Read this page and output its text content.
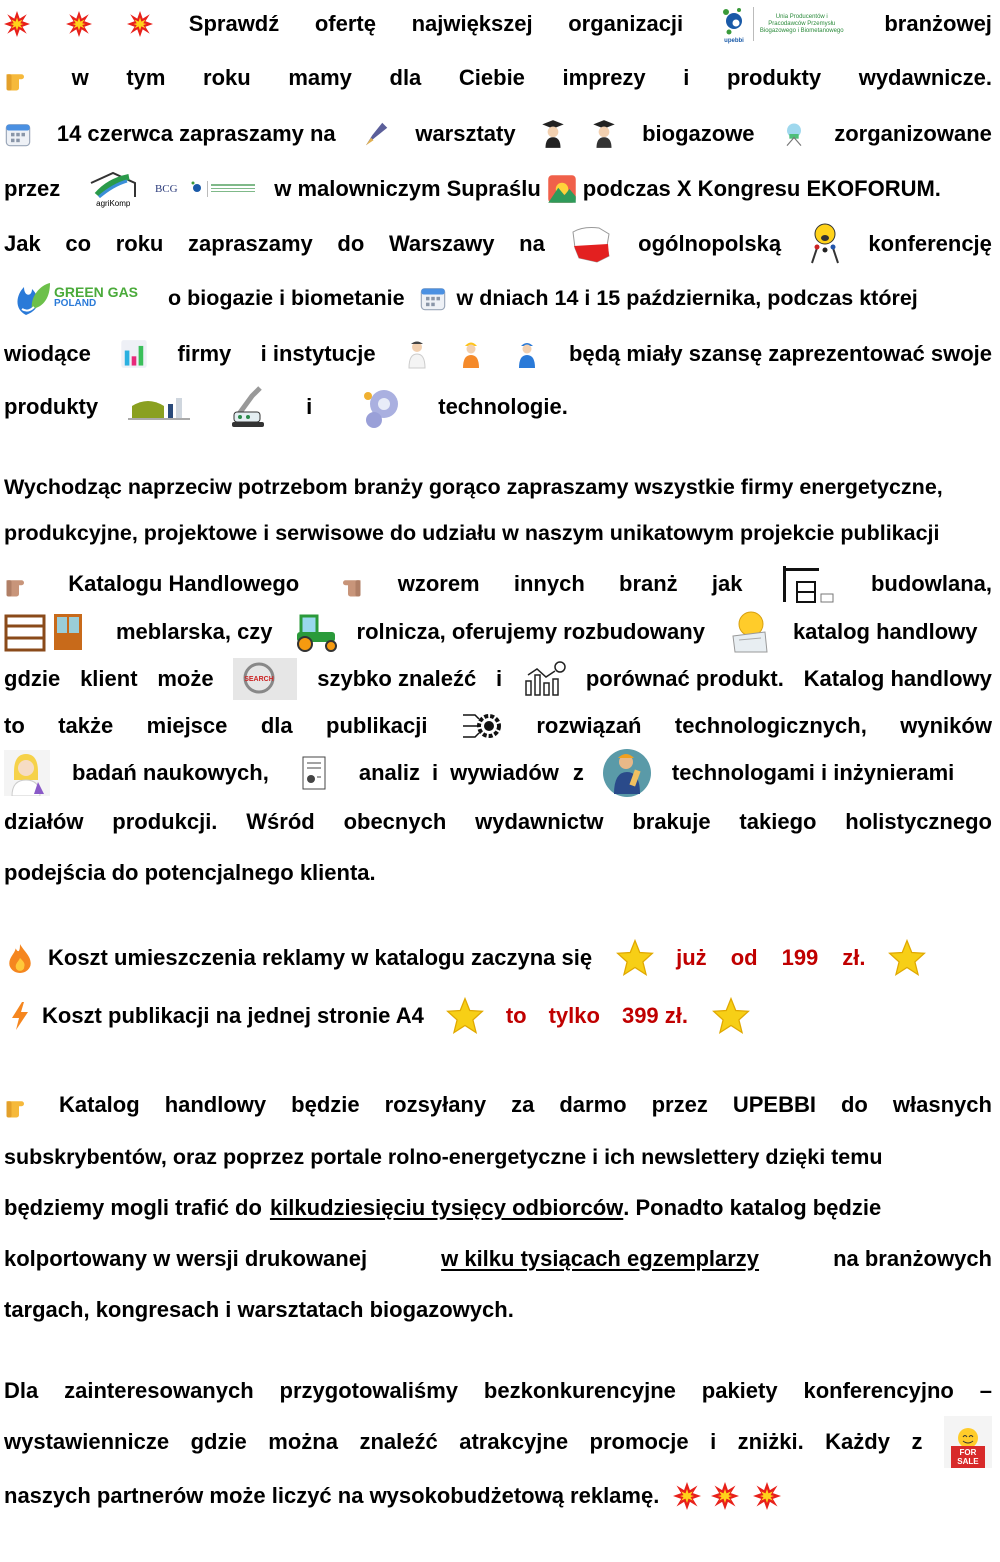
Sprawdź ofertę największej organizacji
upebbi
Unia Producentów i Pracodawców Przemysłu Biogazowego i Biometanowego branżowej
w tym roku mamy dla Ciebie imprezy i produkty wydawnicze.
14 czerwca zapraszamy na	warsztaty	biogazowe	zorganizowane
przez
agriKomp
BCG	w malowniczym Supraślu podczas X Kongresu EKOFORUM.
Jak co roku zapraszamy do Warszawy na	ogólnopolską	konferencję
GREEN GAS
POLAND	o biogazie i biometanie w dniach 14 i 15 października, podczas której
wiodące	firmy i instytucje	będą miały szansę zaprezentować swoje
produkty	i	technologie.
Wychodząc naprzeciw potrzebom branży gorąco zapraszamy wszystkie firmy energetyczne,
produkcyjne, projektowe i serwisowe do udziału w naszym unikatowym projekcie publikacji
Katalogu Handlowego	wzorem innych branż jak	budowlana,
meblarska, czy	rolnicza, oferujemy rozbudowany	katalog handlowy
gdzie klient może	SEARCH szybko znaleźć i	porównać produkt. Katalog handlowy
to także miejsce dla publikacji	rozwiązań technologicznych, wyników
badań naukowych,	analiz i wywiadów z	technologami i inżynierami
działów produkcji. Wśród obecnych wydawnictw brakuje takiego holistycznego
podejścia do potencjalnego klienta.
Koszt umieszczenia reklamy w katalogu zaczyna się	już od 199 zł.
Koszt publikacji na jednej stronie A4	to tylko 399 zł.
Katalog handlowy będzie rozsyłany za darmo przez UPEBBI do własnych
subskrybentów, oraz poprzez portale rolno-energetyczne i ich newslettery dzięki temu
będziemy mogli trafić do kilkudziesięciu tysięcy odbiorców . Ponadto katalog będzie
kolportowany w wersji drukowanej	w kilku tysiącach egzemplarzy	na branżowych
targach, kongresach i warsztatach biogazowych.
Dla zainteresowanych przygotowaliśmy bezkonkurencyjne pakiety konferencyjno –
wystawiennicze gdzie można znaleźć atrakcyjne promocje i zniżki. Każdy z	FOR SALE
naszych partnerów może liczyć na wysokobudżetową reklamę.
